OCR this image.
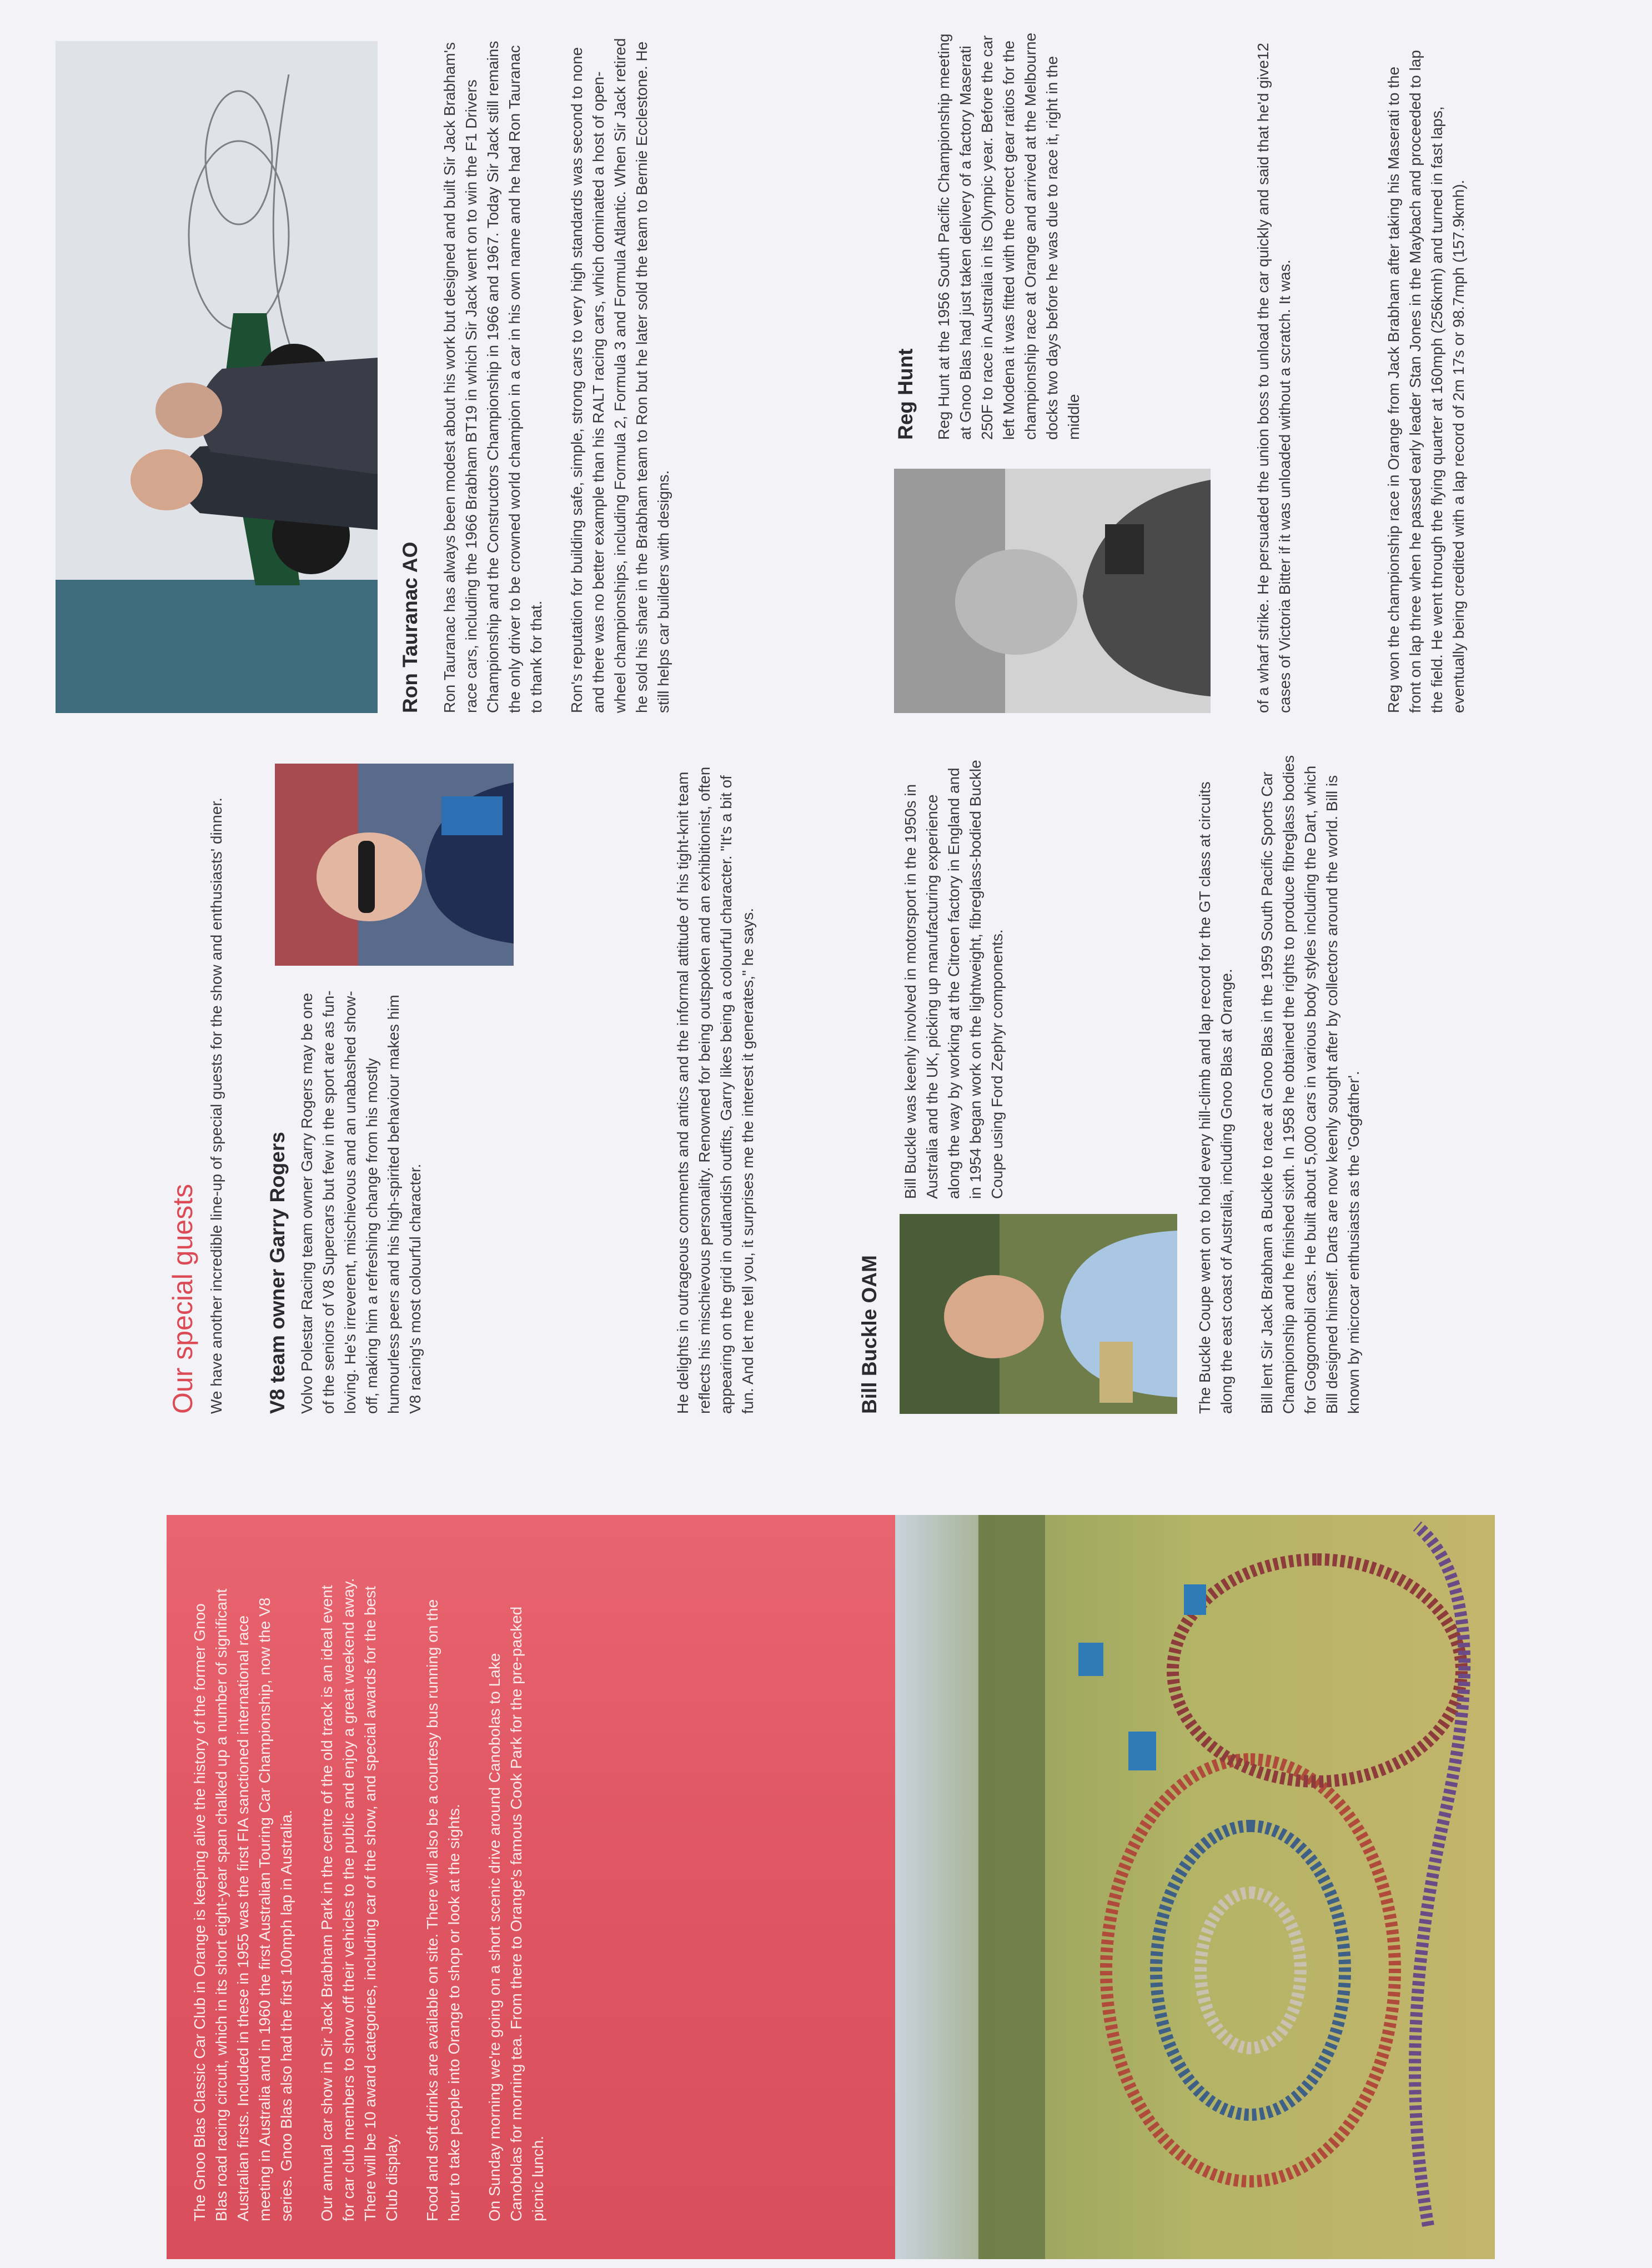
The Gnoo Blas Classic Car Club in Orange is keeping alive the history of the former Gnoo Blas road racing circuit, which in its short eight-year span chalked up a number of significant Australian firsts. Included in these in 1955 was the first FIA sanctioned international race meeting in Australia and in 1960 the first Australian Touring Car Championship, now the V8 series. Gnoo Blas also had the first 100mph lap in Australia. Our annual car show in Sir Jack Brabham Park in the centre of the old track is an ideal event for car club members to show off their vehicles to the public and enjoy a great weekend away. There will be 10 award categories, including car of the show, and special awards for the best Club display. Food and soft drinks are available on site. There will also be a courtesy bus running on the hour to take people into Orange to shop or look at the sights. On Sunday morning we're going on a short scenic drive around Canobolas to Lake Canobolas for morning tea. From there to Orange's famous Cook Park for the pre-packed picnic lunch.

Our special guests We have another incredible line-up of special guests for the show and enthusiasts' dinner. V8 team owner Garry Rogers Volvo Polestar Racing team owner Garry Rogers may be one of the seniors of V8 Supercars but few in the sport are as fun-loving. He's irreverent, mischievous and an unabashed show-off, making him a refreshing change from his mostly humourless peers and his high-spirited behaviour makes him V8 racing's most colourful character.	He delights in outrageous comments and antics and the informal attitude of his tight-knit team reflects his mischievous personality. Renowned for being outspoken and an exhibitionist, often appearing on the grid in outlandish outfits, Garry likes being a colourful character. "It's a bit of fun. And let me tell you, it surprises me the interest it generates," he says.	Bill Buckle OAM

Bill Buckle was keenly involved in motorsport in the 1950s in Australia and the UK, picking up manufacturing experience along the way by working at the Citroen factory in England and in 1954 began work on the lightweight, fibreglass-bodied Buckle Coupe using Ford Zephyr components.	The Buckle Coupe went on to hold every hill-climb and lap record for the GT class at circuits along the east coast of Australia, including Gnoo Blas at Orange. Bill lent Sir Jack Brabham a Buckle to race at Gnoo Blas in the 1959 South Pacific Sports Car Championship and he finished sixth. In 1958 he obtained the rights to produce fibreglass bodies for Goggomobil cars. He built about 5,000 cars in various body styles including the Dart, which Bill designed himself. Darts are now keenly sought after by collectors around the world. Bill is known by microcar enthusiasts as the 'Gogfather'.

Ron Tauranac AO Ron Tauranac has always been modest about his work but designed and built Sir Jack Brabham's race cars, including the 1966 Brabham BT19 in which Sir Jack went on to win the F1 Drivers Championship and the Constructors Championship in 1966 and 1967. Today Sir Jack still remains the only driver to be crowned world champion in a car in his own name and he had Ron Tauranac to thank for that. Ron's reputation for building safe, simple, strong cars to very high standards was second to none and there was no better example than his RALT racing cars, which dominated a host of open-wheel championships, including Formula 2, Formula 3 and Formula Atlantic. When Sir Jack retired he sold his share in the Brabham team to Ron but he later sold the team to Bernie Ecclestone. He still helps car builders with designs.

Reg Hunt Reg Hunt at the 1956 South Pacific Championship meeting at Gnoo Blas had just taken delivery of a factory Maserati 250F to race in Australia in its Olympic year. Before the car left Modena it was fitted with the correct gear ratios for the championship race at Orange and arrived at the Melbourne docks two days before he was due to race it, right in the middle	of a wharf strike. He persuaded the union boss to unload the car quickly and said that he'd give12 cases of Victoria Bitter if it was unloaded without a scratch. It was.	Reg won the championship race in Orange from Jack Brabham after taking his Maserati to the front on lap three when he passed early leader Stan Jones in the Maybach and proceeded to lap the field. He went through the flying quarter at 160mph (256kmh) and turned in fast laps, eventually being credited with a lap record of 2m 17s or 98.7mph (157.9kmh).
